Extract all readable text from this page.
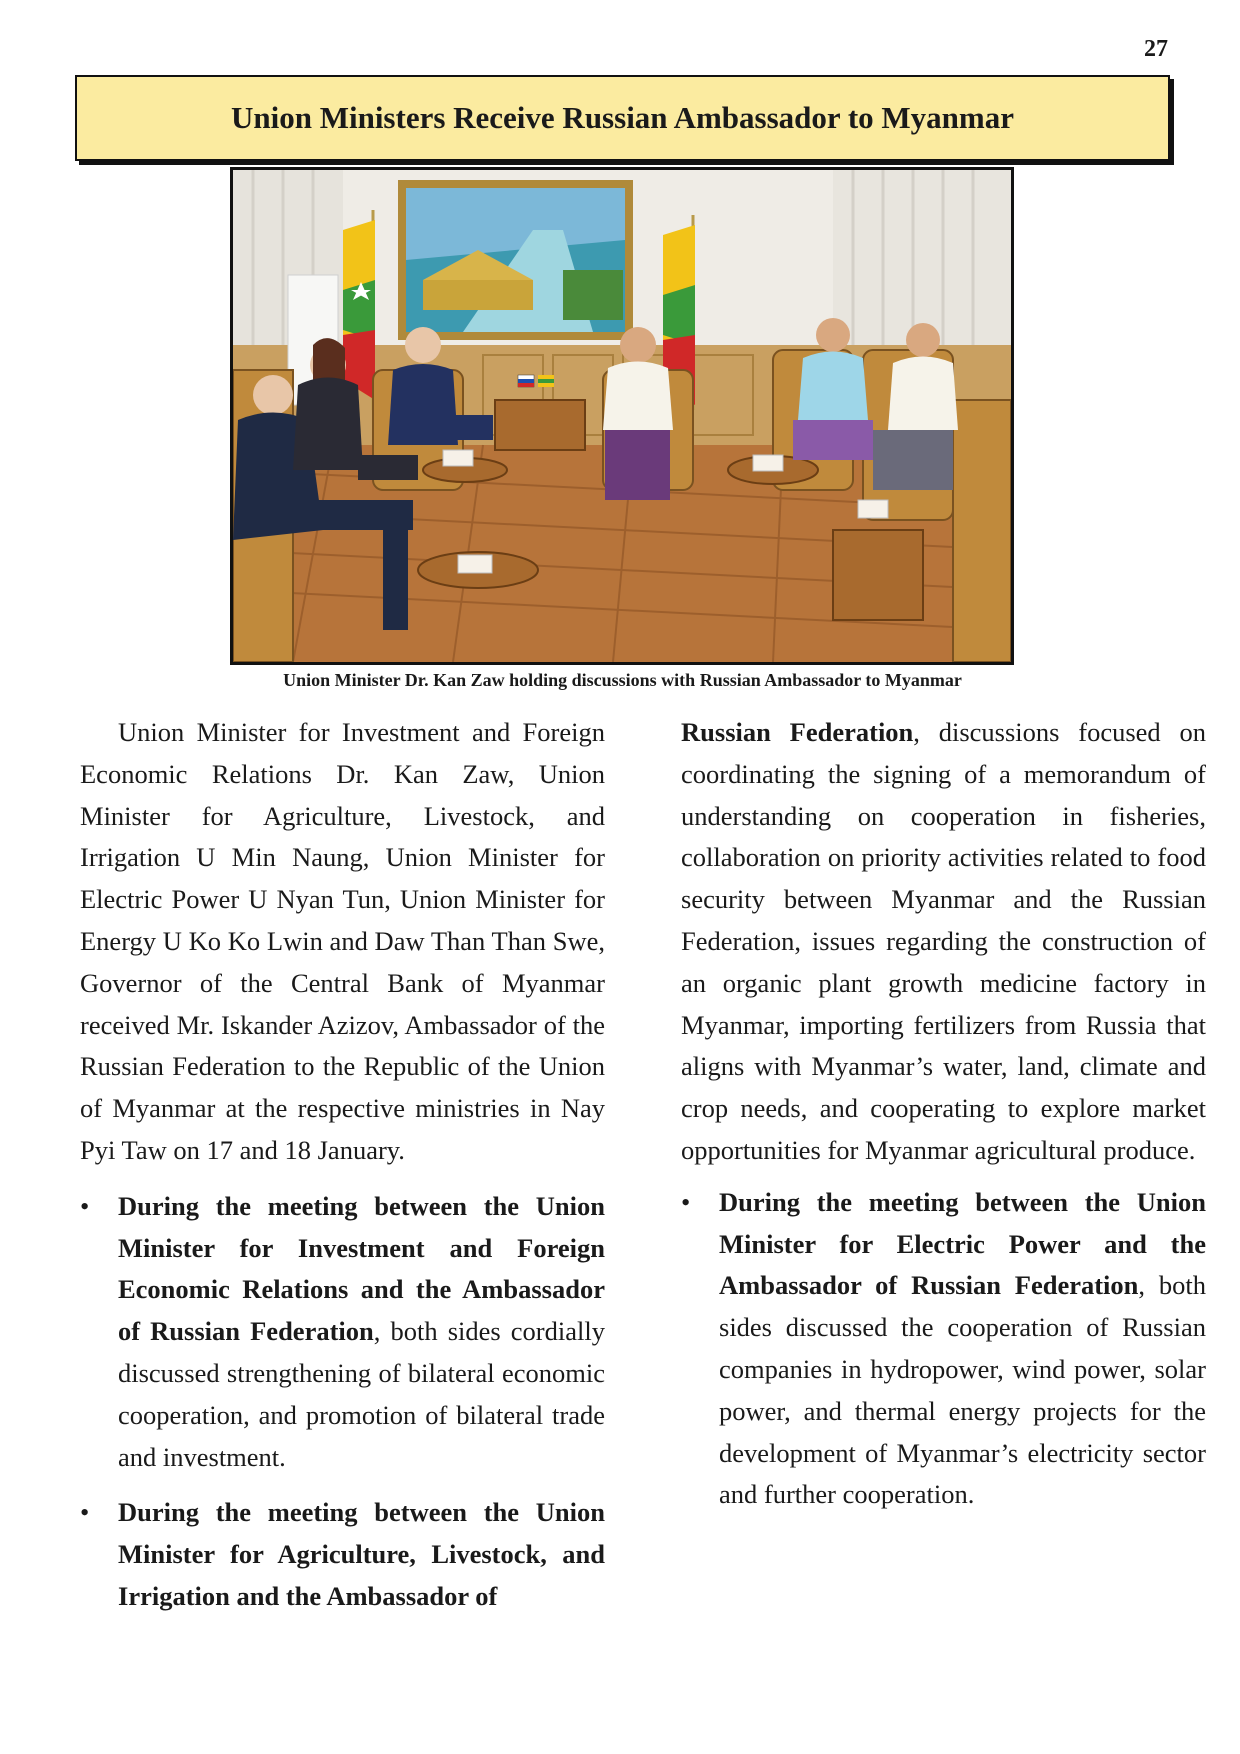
27
Union Ministers Receive Russian Ambassador to Myanmar
Union Minister Dr. Kan Zaw holding discussions with Russian Ambassador to Myanmar

Union Minister for Investment and Foreign Economic Relations Dr. Kan Zaw, Union Minister for Agriculture, Livestock, and Irrigation U Min Naung, Union Minister for Electric Power U Nyan Tun, Union Minister for Energy U Ko Ko Lwin and Daw Than Than Swe, Governor of the Central Bank of Myanmar received Mr. Iskander Azizov, Ambassador of the Russian Federation to the Republic of the Union of Myanmar at the respective ministries in Nay Pyi Taw on 17 and 18 January.

• During the meeting between the Union Minister for Investment and Foreign Economic Relations and the Ambassador of Russian Federation, both sides cordially discussed strengthening of bilateral economic cooperation, and promotion of bilateral trade and investment.

• During the meeting between the Union Minister for Agriculture, Livestock, and Irrigation and the Ambassador of

Russian Federation, discussions focused on coordinating the signing of a memorandum of understanding on cooperation in fisheries, collaboration on priority activities related to food security between Myanmar and the Russian Federation, issues regarding the construction of an organic plant growth medicine factory in Myanmar, importing fertilizers from Russia that aligns with Myanmar’s water, land, climate and crop needs, and cooperating to explore market opportunities for Myanmar agricultural produce.

• During the meeting between the Union Minister for Electric Power and the Ambassador of Russian Federation, both sides discussed the cooperation of Russian companies in hydropower, wind power, solar power, and thermal energy projects for the development of Myanmar’s electricity sector and further cooperation.
